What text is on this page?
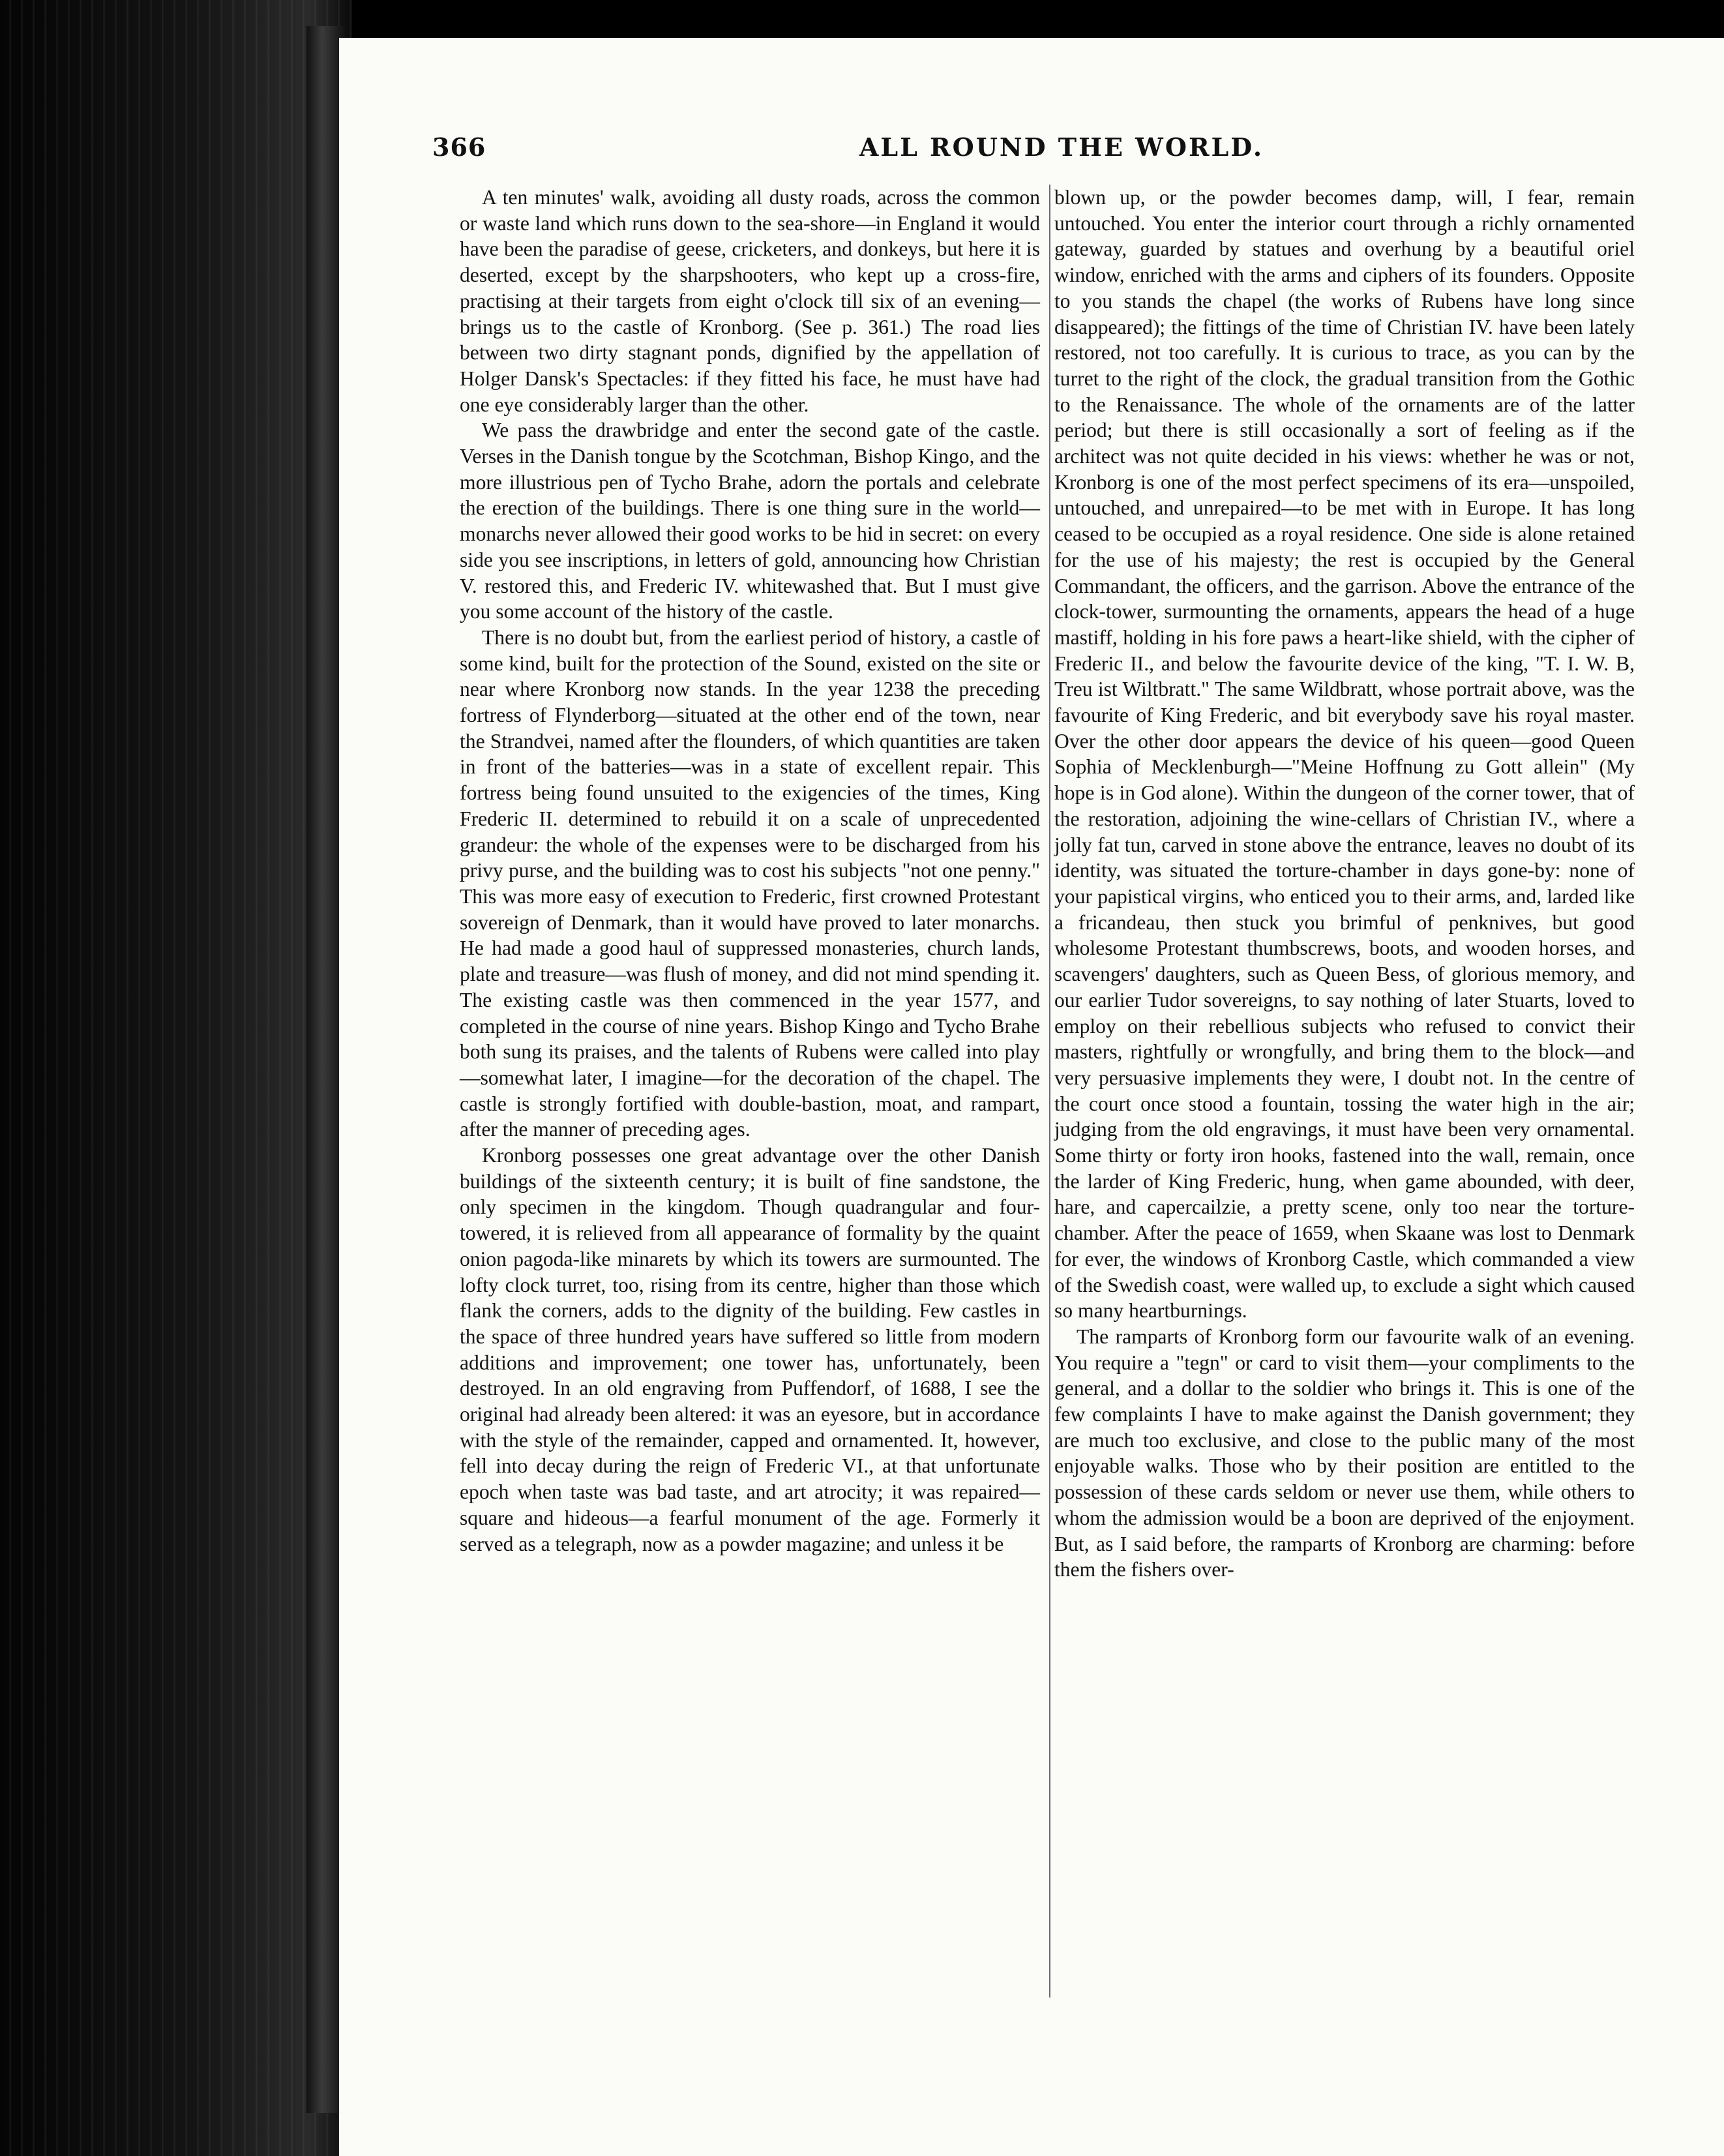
366	ALL ROUND THE WORLD.

A ten minutes' walk, avoiding all dusty roads, across the common or waste land which runs down to the sea-shore—in England it would have been the paradise of geese, cricketers, and donkeys, but here it is deserted, except by the sharpshooters, who kept up a cross-fire, practising at their targets from eight o'clock till six of an evening—brings us to the castle of Kronborg. (See p. 361.) The road lies between two dirty stagnant ponds, dignified by the appellation of Holger Dansk's Spectacles: if they fitted his face, he must have had one eye considerably larger than the other.

We pass the drawbridge and enter the second gate of the castle. Verses in the Danish tongue by the Scotchman, Bishop Kingo, and the more illustrious pen of Tycho Brahe, adorn the portals and celebrate the erection of the buildings. There is one thing sure in the world—monarchs never allowed their good works to be hid in secret: on every side you see inscriptions, in letters of gold, announcing how Christian V. restored this, and Frederic IV. whitewashed that. But I must give you some account of the history of the castle.

There is no doubt but, from the earliest period of history, a castle of some kind, built for the protection of the Sound, existed on the site or near where Kronborg now stands. In the year 1238 the preceding fortress of Flynderborg—situated at the other end of the town, near the Strandvei, named after the flounders, of which quantities are taken in front of the batteries—was in a state of excellent repair. This fortress being found unsuited to the exigencies of the times, King Frederic II. determined to rebuild it on a scale of unprecedented grandeur: the whole of the expenses were to be discharged from his privy purse, and the building was to cost his subjects "not one penny." This was more easy of execution to Frederic, first crowned Protestant sovereign of Denmark, than it would have proved to later monarchs. He had made a good haul of suppressed monasteries, church lands, plate and treasure—was flush of money, and did not mind spending it. The existing castle was then commenced in the year 1577, and completed in the course of nine years. Bishop Kingo and Tycho Brahe both sung its praises, and the talents of Rubens were called into play—somewhat later, I imagine—for the decoration of the chapel. The castle is strongly fortified with double-bastion, moat, and rampart, after the manner of preceding ages.

Kronborg possesses one great advantage over the other Danish buildings of the sixteenth century; it is built of fine sandstone, the only specimen in the kingdom. Though quadrangular and four-towered, it is relieved from all appearance of formality by the quaint onion pagoda-like minarets by which its towers are surmounted. The lofty clock turret, too, rising from its centre, higher than those which flank the corners, adds to the dignity of the building. Few castles in the space of three hundred years have suffered so little from modern additions and improvement; one tower has, unfortunately, been destroyed. In an old engraving from Puffendorf, of 1688, I see the original had already been altered: it was an eyesore, but in accordance with the style of the remainder, capped and ornamented. It, however, fell into decay during the reign of Frederic VI., at that unfortunate epoch when taste was bad taste, and art atrocity; it was repaired—square and hideous—a fearful monument of the age. Formerly it served as a telegraph, now as a powder magazine; and unless it be

blown up, or the powder becomes damp, will, I fear, remain untouched. You enter the interior court through a richly ornamented gateway, guarded by statues and overhung by a beautiful oriel window, enriched with the arms and ciphers of its founders. Opposite to you stands the chapel (the works of Rubens have long since disappeared); the fittings of the time of Christian IV. have been lately restored, not too carefully. It is curious to trace, as you can by the turret to the right of the clock, the gradual transition from the Gothic to the Renaissance. The whole of the ornaments are of the latter period; but there is still occasionally a sort of feeling as if the architect was not quite decided in his views: whether he was or not, Kronborg is one of the most perfect specimens of its era—unspoiled, untouched, and unrepaired—to be met with in Europe. It has long ceased to be occupied as a royal residence. One side is alone retained for the use of his majesty; the rest is occupied by the General Commandant, the officers, and the garrison. Above the entrance of the clock-tower, surmounting the ornaments, appears the head of a huge mastiff, holding in his fore paws a heart-like shield, with the cipher of Frederic II., and below the favourite device of the king, "T. I. W. B, Treu ist Wiltbratt." The same Wildbratt, whose portrait above, was the favourite of King Frederic, and bit everybody save his royal master. Over the other door appears the device of his queen—good Queen Sophia of Mecklenburgh—"Meine Hoffnung zu Gott allein" (My hope is in God alone). Within the dungeon of the corner tower, that of the restoration, adjoining the wine-cellars of Christian IV., where a jolly fat tun, carved in stone above the entrance, leaves no doubt of its identity, was situated the torture-chamber in days gone-by: none of your papistical virgins, who enticed you to their arms, and, larded like a fricandeau, then stuck you brimful of penknives, but good wholesome Protestant thumbscrews, boots, and wooden horses, and scavengers' daughters, such as Queen Bess, of glorious memory, and our earlier Tudor sovereigns, to say nothing of later Stuarts, loved to employ on their rebellious subjects who refused to convict their masters, rightfully or wrongfully, and bring them to the block—and very persuasive implements they were, I doubt not. In the centre of the court once stood a fountain, tossing the water high in the air; judging from the old engravings, it must have been very ornamental. Some thirty or forty iron hooks, fastened into the wall, remain, once the larder of King Frederic, hung, when game abounded, with deer, hare, and capercailzie, a pretty scene, only too near the torture-chamber. After the peace of 1659, when Skaane was lost to Denmark for ever, the windows of Kronborg Castle, which commanded a view of the Swedish coast, were walled up, to exclude a sight which caused so many heartburnings.

The ramparts of Kronborg form our favourite walk of an evening. You require a "tegn" or card to visit them—your compliments to the general, and a dollar to the soldier who brings it. This is one of the few complaints I have to make against the Danish government; they are much too exclusive, and close to the public many of the most enjoyable walks. Those who by their position are entitled to the possession of these cards seldom or never use them, while others to whom the admission would be a boon are deprived of the enjoyment. But, as I said before, the ramparts of Kronborg are charming: before them the fishers over-
